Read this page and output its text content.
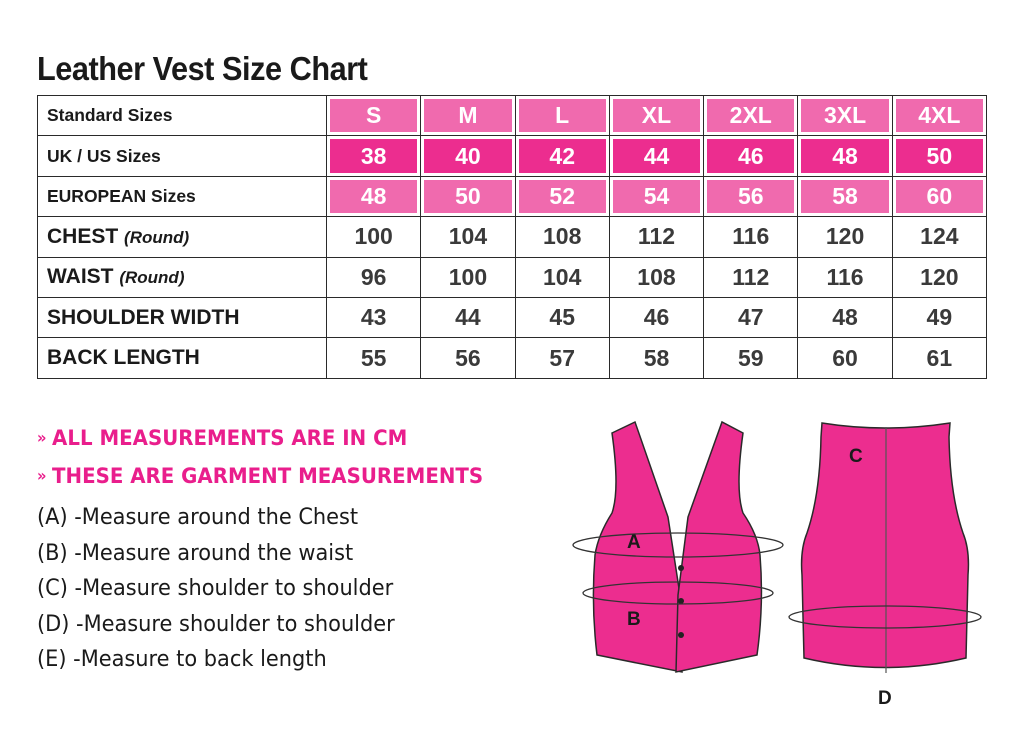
Leather Vest Size Chart
Standard Sizes	S	M	L	XL	2XL	3XL	4XL

UK / US Sizes	38	40	42	44	46	48	50

EUROPEAN Sizes	48	50	52	54	56	58	60

CHEST (Round)	100	104	108	112	116	120	124
WAIST (Round)	96	100	104	108	112	116	120
SHOULDER WIDTH	43	44	45	46	47	48	49
BACK LENGTH	55	56	57	58	59	60	61
» ALL MEASUREMENTS ARE IN CM
» THESE ARE GARMENT MEASUREMENTS
(A) -Measure around the Chest
(B) -Measure around the waist
(C) -Measure shoulder to shoulder
(D) -Measure shoulder to shoulder
(E) -Measure to back length
A
B
C
D
